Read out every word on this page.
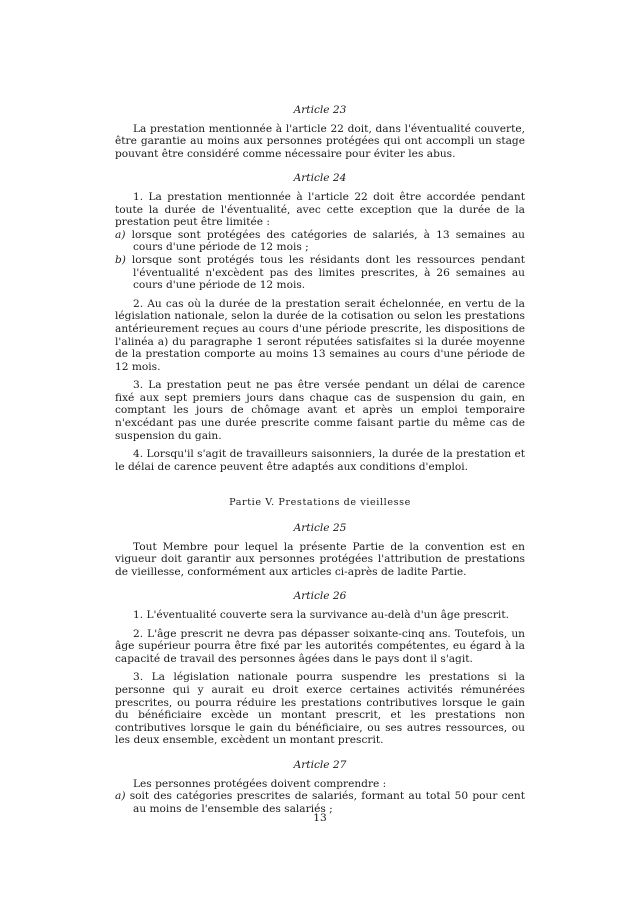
Article 23

La prestation mentionnée à l'article 22 doit, dans l'éventualité couverte, être garantie au moins aux personnes protégées qui ont accompli un stage pouvant être considéré comme nécessaire pour éviter les abus.

Article 24

1. La prestation mentionnée à l'article 22 doit être accordée pendant toute la durée de l'éventualité, avec cette exception que la durée de la prestation peut être limitée :

a) lorsque sont protégées des catégories de salariés, à 13 semaines au cours d'une période de 12 mois ;
b) lorsque sont protégés tous les résidants dont les ressources pendant l'éventualité n'excèdent pas des limites prescrites, à 26 semaines au cours d'une période de 12 mois.

2. Au cas où la durée de la prestation serait échelonnée, en vertu de la législation nationale, selon la durée de la cotisation ou selon les prestations antérieurement reçues au cours d'une période prescrite, les dispositions de l'alinéa a) du paragraphe 1 seront réputées satisfaites si la durée moyenne de la prestation comporte au moins 13 semaines au cours d'une période de 12 mois.

3. La prestation peut ne pas être versée pendant un délai de carence fixé aux sept premiers jours dans chaque cas de suspension du gain, en comptant les jours de chômage avant et après un emploi temporaire n'excédant pas une durée prescrite comme faisant partie du même cas de suspension du gain.

4. Lorsqu'il s'agit de travailleurs saisonniers, la durée de la prestation et le délai de carence peuvent être adaptés aux conditions d'emploi.

Partie V. Prestations de vieillesse
Article 25

Tout Membre pour lequel la présente Partie de la convention est en vigueur doit garantir aux personnes protégées l'attribution de prestations de vieillesse, conformément aux articles ci-après de ladite Partie.

Article 26

1. L'éventualité couverte sera la survivance au-delà d'un âge prescrit.

2. L'âge prescrit ne devra pas dépasser soixante-cinq ans. Toutefois, un âge supérieur pourra être fixé par les autorités compétentes, eu égard à la capacité de travail des personnes âgées dans le pays dont il s'agit.

3. La législation nationale pourra suspendre les prestations si la personne qui y aurait eu droit exerce certaines activités rémunérées prescrites, ou pourra réduire les prestations contributives lorsque le gain du bénéficiaire excède un montant prescrit, et les prestations non contributives lorsque le gain du bénéficiaire, ou ses autres ressources, ou les deux ensemble, excèdent un montant prescrit.

Article 27

Les personnes protégées doivent comprendre :

a) soit des catégories prescrites de salariés, formant au total 50 pour cent au moins de l'ensemble des salariés ;
13
